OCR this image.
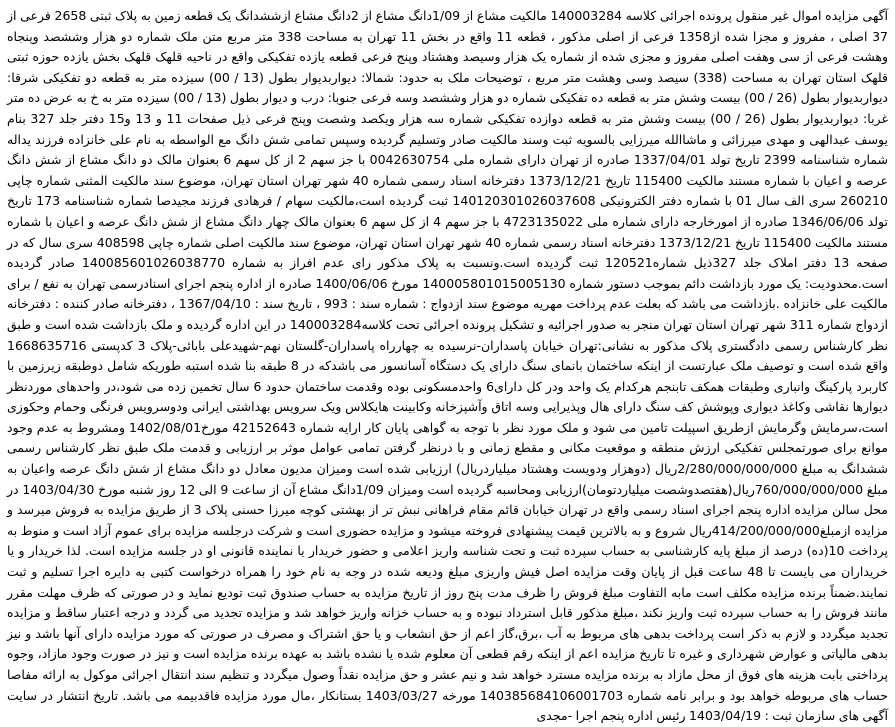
آگهی مزایده اموال غیر منقول پرونده اجرائی کلاسه 140003284 مالکیت مشاع از 1/09دانگ مشاع از 2دانگ مشاع ازششدانگ یک قطعه زمین به پلاک ثبتی 2658 فرعی از 37 اصلی ، مفروز و مجزا شده از1358 فرعی از اصلی مذکور ، قطعه 11 واقع در بخش 11 تهران به مساحت 338 متر مربع متن ملک شماره دو هزار وششصد وپنجاه وهشت فرعی از سی وهفت اصلی مفروز و مجزی شده از شماره یک هزار وسیصد وهشتاد وپنج فرعی قطعه یازده تفکیکی واقع در ناحیه قلهک قلهک بخش یازده حوزه ثبتی قلهک استان تهران به مساحت (338) سیصد وسی وهشت متر مربع ، توضیحات ملک به حدود: شمالا: دیواربدیوار بطول (13 / 00) سیزده متر به قطعه دو تفکیکی شرقا: دیواربدیوار بطول (26 / 00) بیست وشش متر به قطعه ده تفکیکی شماره دو هزار وششصد وسه فرعی جنوبا: درب و دیوار بطول (13 / 00) سیزده متر به خ به عرض ده متر غربا: دیواربدیوار بطول (26 / 00) بیست وشش متر به قطعه دوازده تفکیکی شماره سه هزار ویکصد وشصت وپنج فرعی ذیل صفحات 11 و 13 و15 دفتر جلد 327 بنام یوسف عبدالهی و مهدی میرزائی و ماشاالله میرزایی بالسویه ثبت وسند مالکیت صادر وتسلیم گردیده وسپس تمامی شش دانگ مع الواسطه به نام علی خانزاده فرزند یداله شماره شناسنامه 2399 تاریخ تولد 1337/04/01 صادره از تهران دارای شماره ملی 0042630754 با جز سهم 2 از کل سهم 6 بعنوان مالک دو دانگ مشاع از شش دانگ عرصه و اعیان با شماره مستند مالکیت 115400 تاریخ 1373/12/21 دفترخانه اسناد رسمی شماره 40 شهر تهران استان تهران، موضوع سند مالکیت المثنی شماره چاپی 260210 سری الف سال 01 با شماره دفتر الکترونیکی 140120301026037608 ثبت گردیده است،مالکیت سهام / فرهادی فرزند مجیدصا شماره شناسنامه 173 تاریخ تولد 1346/06/06 صادره از امورخارجه دارای شماره ملی 4723135022 با جز سهم 4 از کل سهم 6 بعنوان مالک چهار دانگ مشاع از شش دانگ عرصه و اعیان با شماره مستند مالکیت 115400 تاریخ 1373/12/21 دفترخانه اسناد رسمی شماره 40 شهر تهران استان تهران، موضوع سند مالکیت اصلی شماره چاپی 408598 سری سال که در صفحه 13 دفتر املاک جلد 327ذیل شماره120521 ثبت گردیده است.ونسبت به پلاک مذکور رای عدم افراز به شماره 140085601026038770 صادر گردیده است.محدودیت: یک مورد بازداشت دائم بموجب دستور شماره 140005801015005130 مورخ 1400/06/06 صادره از اداره پنجم اجرای اسنادرسمی تهران به نفع / برای مالکیت علی خانزاده .بازداشت می باشد که بعلت عدم پرداخت مهریه موضوع سند ازدواج : شماره سند : 993 ، تاریخ سند : 1367/04/10 ، دفترخانه صادر کننده : دفترخانه ازدواج شماره 311 شهر تهران استان تهران منجر به صدور اجرائیه و تشکیل پرونده اجرائی تحت کلاسه140003284 در این اداره گردیده و ملک بازداشت شده است و طبق نظر کارشناس رسمی دادگستری پلاک مذکور به نشانی:تهران خیابان پاسداران-نرسیده به چهارراه پاسداران-گلستان نهم-شهیدعلی بابائی-پلاک 3 کدپستی 1668635716 واقع شده است و توصیف ملک عبارتست از اینکه ساختمان بانمای سنگ دارای یک دستگاه آسانسور می باشدکه در 8 طبقه بنا شده استبه طوریکه شامل دوطبقه زیرزمین با کاربرد پارکینگ وانباری وطبقات همکف تابنجم هرکدام یک واحد ودر کل دارای6 واحدمسکونی بوده وقدمت ساختمان حدود 6 سال تخمین زده می شود،در واحدهای موردنظر دیوارها نقاشی وکاغذ دیواری وپوشش کف سنگ دارای هال وپذیرایی وسه اتاق وآشپزخانه وکابینت هایکلاس ویک سرویس بهداشتی ایرانی ودوسرویس فرنگی وحمام وحکوزی است،سرمایش وگرمایش ازطریق اسپیلت تامین می شود و ملک مورد نظر با توجه به گواهی پایان کار ارایه شماره 42152643 مورخ1402/08/01 ومشروط به عدم وجود موانع برای صورتمجلس تفکیکی ارزش منطقه و موقعیت مکانی و مقطع زمانی و با درنظر گرفتن تمامی عوامل موثر بر ارزیابی و قدمت ملک طبق نظر کارشناس رسمی ششدانگ به مبلغ 2/280/000/000/000ریال (دوهزار ودویست وهشتاد میلیاردریال) ارزیابی شده است ومیزان مدیون معادل دو دانگ مشاع از شش دانگ عرصه واعیان به مبلغ 760/000/000/000ریال(هفتصدوشصت میلیاردتومان)ارزیابی ومحاسبه گردیده است ومیزان 1/09دانگ مشاع آن از ساعت 9 الی 12 روز شنبه مورخ 1403/04/30 در محل سالن مزایده اداره پنجم اجرای اسناد رسمی واقع در تهران خیابان قائم مقام فراهانی نبش تر از بهشتی کوچه میرزا حسنی پلاک 3 از طریق مزایده به فروش میرسد و مزایده ازمبلغ414/200/000/000ریال شروع و به بالاترین قیمت پیشنهادی فروخته میشود و مزایده حضوری است و شرکت درجلسه مزایده برای عموم آزاد است و منوط به پرداخت 10(ده) درصد از مبلغ پایه کارشناسی به حساب سپرده ثبت و تحت شناسه واریز اعلامی و حضور خریدار یا نماینده قانونی او در جلسه مزایده است. لذا خریدار و یا خریداران می بایست تا 48 ساعت قبل از پایان وقت مزایده اصل فیش واریزی مبلغ ودیعه شده در وجه به نام خود را همراه درخواست کتبی به دایره اجرا تسلیم و ثبت نمایند.ضمناً برنده مزایده مکلف است مابه التفاوت مبلغ فروش را ظرف مدت پنج روز از تاریخ مزایده به حساب صندوق ثبت تودیع نماید و در صورتی که ظرف مهلت مقرر مانند فروش را به حساب سپرده ثبت واریز نکند ،مبلغ مذکور قابل استرداد نبوده و به حساب خزانه واریز خواهد شد و مزایده تجدید می گردد و درجه اعتبار ساقط و مزایده تجدید میگردد و لازم به ذکر است پرداخت بدهی های مربوط به آب ،برق،گاز اعم از حق انشعاب و یا حق اشتراک و مصرف در صورتی که مورد مزایده دارای آنها باشد و نیز بدهی مالیاتی و عوارض شهرداری و غیره تا تاریخ مزایده اعم از اینکه رقم قطعی آن معلوم شده یا نشده باشد به عهده برنده مزایده است و نیز در صورت وجود مازاد، وجوه پرداختی بابت هزینه های فوق از محل مازاد به برنده مزایده مسترد خواهد شد و نیم عشر و حق مزایده نقداً وصول میگردد و تنظیم سند انتقال اجرائی موکول به ارائه مفاصا حساب های مربوطه خواهد بود و برابر نامه شماره 140385684106001703 مورخه 1403/03/27 بستانکار ،مال مورد مزایده فاقدبیمه می باشد. تاریخ انتشار در سایت آگهی های سازمان ثبت : 1403/04/19 رئیس اداره پنجم اجرا -مجدی
